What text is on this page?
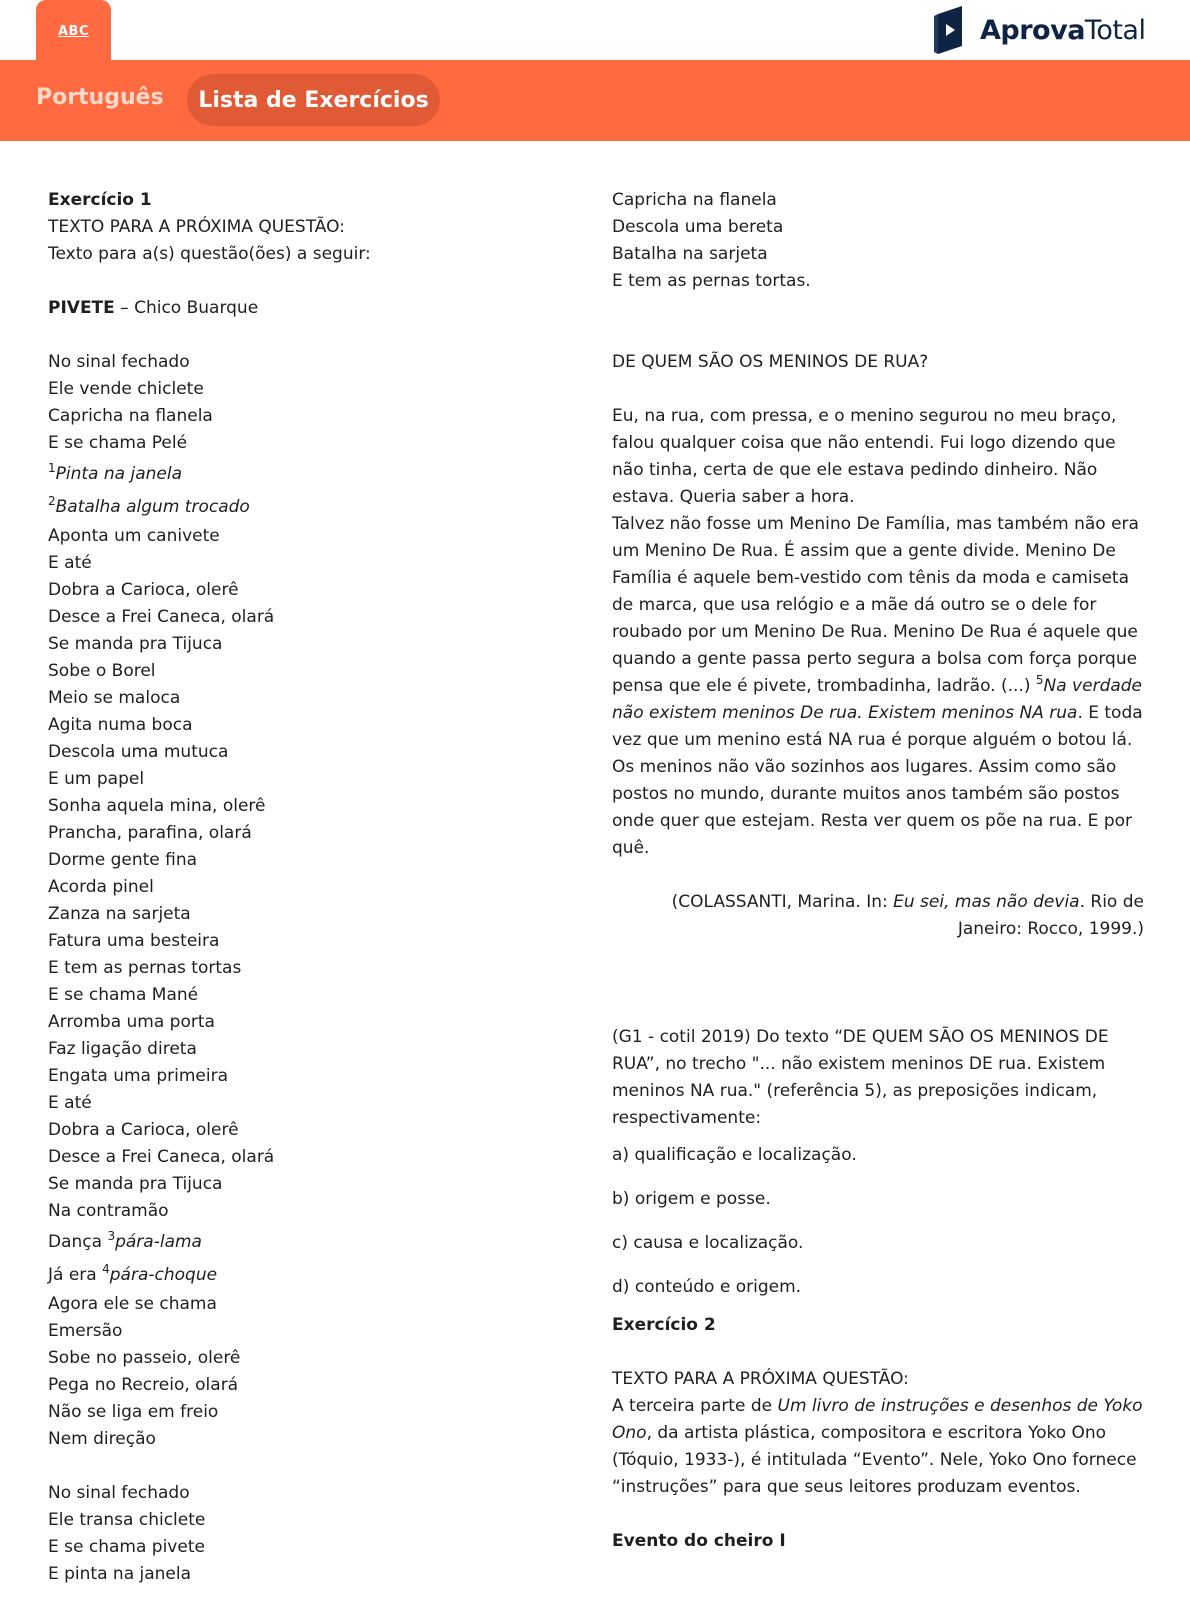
ABC	AprovaTotal
Português	Lista de Exercícios
Exercício 1
TEXTO PARA A PRÓXIMA QUESTÃO:
Texto para a(s) questão(ões) a seguir:
PIVETE – Chico Buarque
No sinal fechado
Ele vende chiclete
Capricha na flanela
E se chama Pelé
$^1$Pinta na janela
$^2$Batalha algum trocado
Aponta um canivete
E até
Dobra a Carioca, olerê
Desce a Frei Caneca, olará
Se manda pra Tijuca
Sobe o Borel
Meio se maloca
Agita numa boca
Descola uma mutuca
E um papel
Sonha aquela mina, olerê
Prancha, parafina, olará
Dorme gente fina
Acorda pinel
Zanza na sarjeta
Fatura uma besteira
E tem as pernas tortas
E se chama Mané
Arromba uma porta
Faz ligação direta
Engata uma primeira
E até
Dobra a Carioca, olerê
Desce a Frei Caneca, olará
Se manda pra Tijuca
Na contramão
Dança $^3$pára-lama
Já era $^4$pára-choque
Agora ele se chama
Emersão
Sobe no passeio, olerê
Pega no Recreio, olará
Não se liga em freio
Nem direção
No sinal fechado
Ele transa chiclete
E se chama pivete
E pinta na janela
Capricha na flanela
Descola uma bereta
Batalha na sarjeta
E tem as pernas tortas.
DE QUEM SÃO OS MENINOS DE RUA?
Eu, na rua, com pressa, e o menino segurou no meu braço, falou qualquer coisa que não entendi. Fui logo dizendo que não tinha, certa de que ele estava pedindo dinheiro. Não estava. Queria saber a hora.
Talvez não fosse um Menino De Família, mas também não era um Menino De Rua. É assim que a gente divide. Menino De Família é aquele bem-vestido com tênis da moda e camiseta de marca, que usa relógio e a mãe dá outro se o dele for roubado por um Menino De Rua. Menino De Rua é aquele que quando a gente passa perto segura a bolsa com força porque pensa que ele é pivete, trombadinha, ladrão. (...) $^5$Na verdade não existem meninos De rua. Existem meninos NA rua. E toda vez que um menino está NA rua é porque alguém o botou lá. Os meninos não vão sozinhos aos lugares. Assim como são postos no mundo, durante muitos anos também são postos onde quer que estejam. Resta ver quem os põe na rua. E por quê.
(COLASSANTI, Marina. In: Eu sei, mas não devia. Rio de Janeiro: Rocco, 1999.)
(G1 - cotil 2019) Do texto “DE QUEM SÃO OS MENINOS DE RUA”, no trecho "... não existem meninos DE rua. Existem meninos NA rua." (referência 5), as preposições indicam, respectivamente:
a) qualificação e localização.
b) origem e posse.
c) causa e localização.
d) conteúdo e origem.
Exercício 2
TEXTO PARA A PRÓXIMA QUESTÃO:
A terceira parte de Um livro de instruções e desenhos de Yoko Ono, da artista plástica, compositora e escritora Yoko Ono (Tóquio, 1933-), é intitulada “Evento”. Nele, Yoko Ono fornece “instruções” para que seus leitores produzam eventos.
Evento do cheiro I
